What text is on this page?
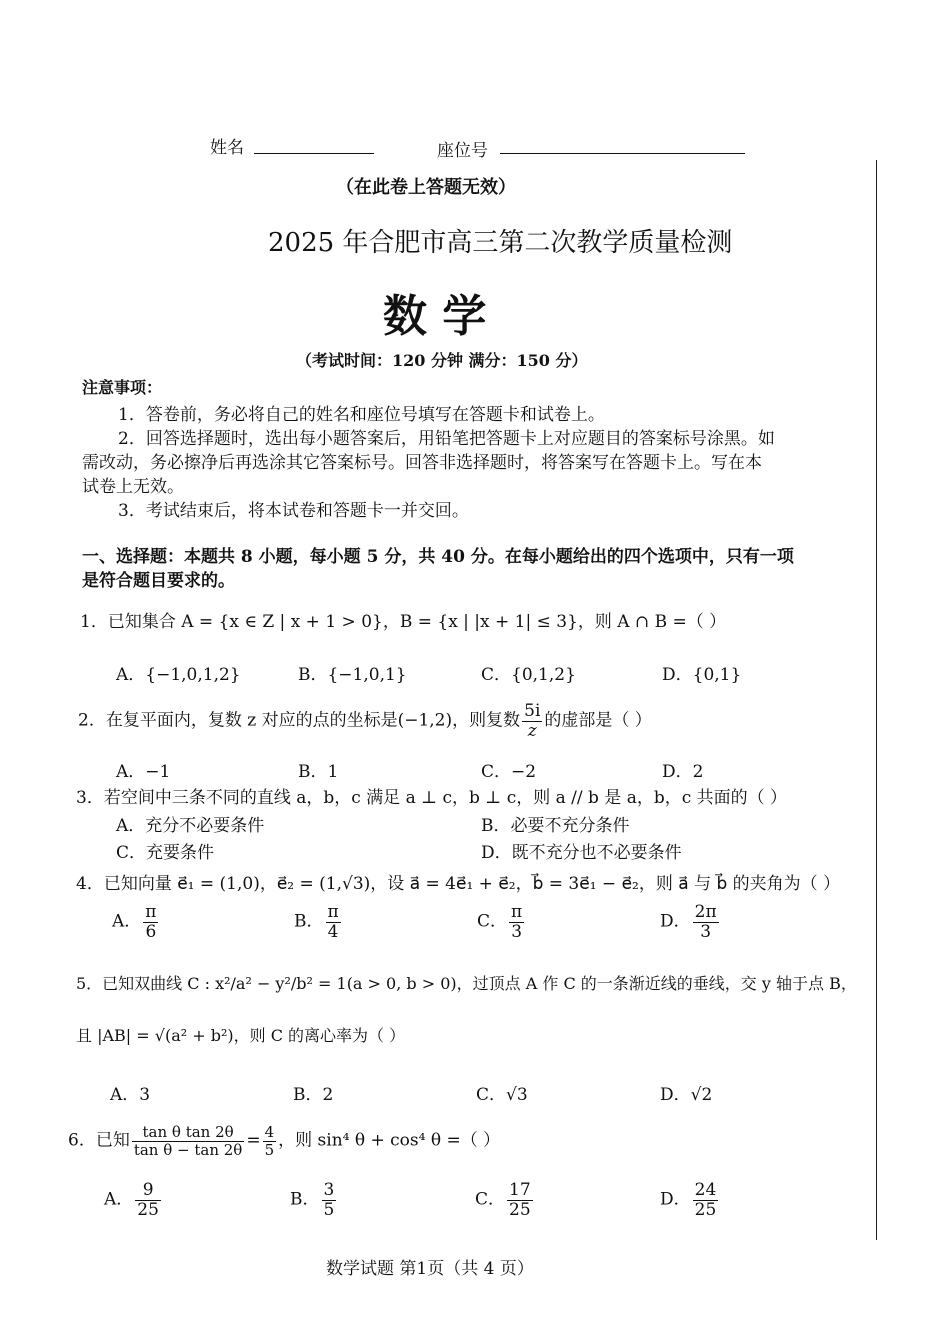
姓名	座位号
（在此卷上答题无效）
2025 年合肥市高三第二次教学质量检测
数 学
（考试时间：120 分钟 满分：150 分）
注意事项：
1．答卷前，务必将自己的姓名和座位号填写在答题卡和试卷上。
2．回答选择题时，选出每小题答案后，用铅笔把答题卡上对应题目的答案标号涂黑。如
需改动，务必擦净后再选涂其它答案标号。回答非选择题时，将答案写在答题卡上。写在本
试卷上无效。
3．考试结束后，将本试卷和答题卡一并交回。
一、选择题：本题共 8 小题，每小题 5 分，共 40 分。在每小题给出的四个选项中，只有一项
是符合题目要求的。
1．已知集合 A = {x ∈ Z | x + 1 > 0}，B = {x | |x + 1| ≤ 3}，则 A ∩ B =（ ）
A．{−1,0,1,2}	B．{−1,0,1}	C．{0,1,2}	D．{0,1}
2．在复平面内，复数 z 对应的点的坐标是(−1,2)，则复数 $\frac{5i}{z}$ 的虚部是（ ）
A．−1	B．1	C．−2	D．2
3．若空间中三条不同的直线 a，b，c 满足 a ⊥ c，b ⊥ c，则 a // b 是 a，b，c 共面的（ ）
A．充分不必要条件	B．必要不充分条件
C．充要条件	D．既不充分也不必要条件
4．已知向量 e⃗₁ = (1,0)，e⃗₂ = (1,√3)，设 a⃗ = 4e⃗₁ + e⃗₂，b⃗ = 3e⃗₁ − e⃗₂，则 a⃗ 与 b⃗ 的夹角为（ ）
A． $\frac{\pi}{6}$	B． $\frac{\pi}{4}$	C． $\frac{\pi}{3}$	D． $\frac{2\pi}{3}$
5．已知双曲线 C : x²/a² − y²/b² = 1(a > 0, b > 0)，过顶点 A 作 C 的一条渐近线的垂线，交 y 轴于点 B，
且 |AB| = √(a² + b²)，则 C 的离心率为（ ）
A．3	B．2	C．√3	D．√2
6．已知 $\frac{\text{tan θ tan 2θ}}{\text{tan θ − tan 2θ}} = \frac{4}{5}$ ，则 sin⁴ θ + cos⁴ θ =（ ）
A． $\frac{9}{25}$	B． $\frac{3}{5}$	C． $\frac{17}{25}$	D． $\frac{24}{25}$
数学试题 第1页（共 4 页）
